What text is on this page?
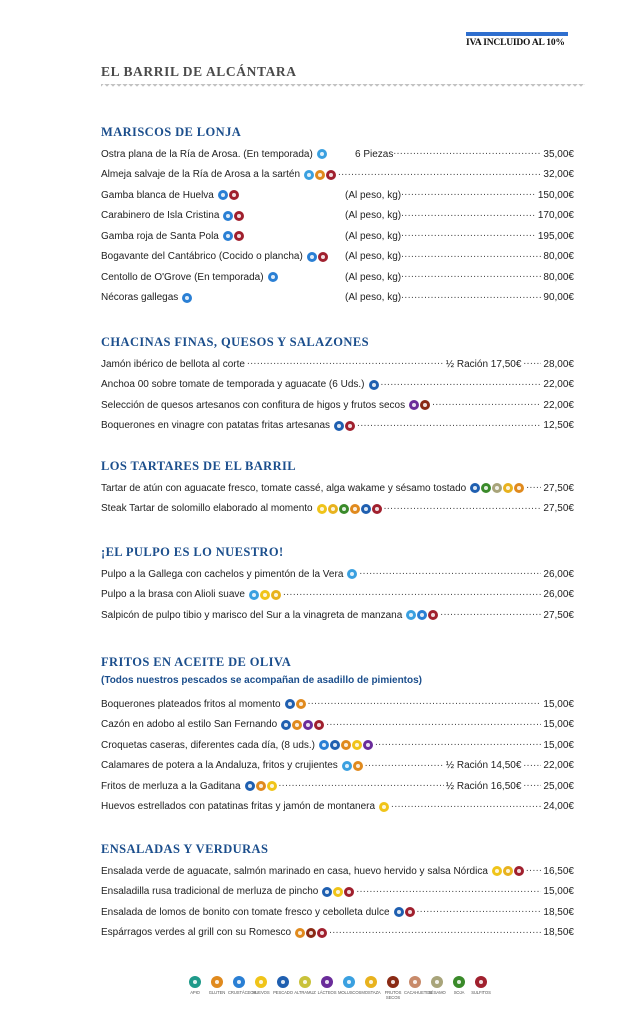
IVA INCLUIDO AL 10%
EL BARRIL DE ALCÁNTARA
MARISCOS DE LONJA
Ostra plana de la Ría de Arosa. (En temporada)	6 Piezas .....	35,00€
Almeja salvaje de la Ría de Arosa a la sartén .....	32,00€
Gamba blanca de Huelva	(Al peso, kg) .....	150,00€
Carabinero de Isla Cristina	(Al peso, kg) .....	170,00€
Gamba roja de Santa Pola	(Al peso, kg) .....	195,00€
Bogavante del Cantábrico (Cocido o plancha)	(Al peso, kg) .....	80,00€
Centollo de O'Grove (En temporada)	(Al peso, kg) .....	80,00€
Nécoras gallegas	(Al peso, kg) .....	90,00€
CHACINAS FINAS, QUESOS Y SALAZONES
Jamón ibérico de bellota al corte .....	½ Ración 17,50€ ..... 28,00€
Anchoa 00 sobre tomate de temporada y aguacate (6 Uds.) .....	22,00€
Selección de quesos artesanos con confitura de higos y frutos secos .....	22,00€
Boquerones en vinagre con patatas fritas artesanas .....	12,50€
LOS TARTARES DE EL BARRIL
Tartar de atún con aguacate fresco, tomate cassé, alga wakame y sésamo tostado .....	27,50€
Steak Tartar de solomillo elaborado al momento .....	27,50€
¡EL PULPO ES LO NUESTRO!
Pulpo a la Gallega con cachelos y pimentón de la Vera .....	26,00€
Pulpo a la brasa con Alioli suave .....	26,00€
Salpicón de pulpo tibio y marisco del Sur a la vinagreta de manzana .....	27,50€
FRITOS EN ACEITE DE OLIVA
(Todos nuestros pescados se acompañan de asadillo de pimientos)
Boquerones plateados fritos al momento .....	15,00€
Cazón en adobo al estilo San Fernando .....	15,00€
Croquetas caseras, diferentes cada día, (8 uds.) .....	15,00€
Calamares de potera a la Andaluza, fritos y crujientes .....	½ Ración 14,50€ ..... 22,00€
Fritos de merluza a la Gaditana .....	½ Ración 16,50€ ..... 25,00€
Huevos estrellados con patatinas fritas y jamón de montanera .....	24,00€
ENSALADAS Y VERDURAS
Ensalada verde de aguacate, salmón marinado en casa, huevo hervido y salsa Nórdica .....	16,50€
Ensaladilla rusa tradicional de merluza de pincho .....	15,00€
Ensalada de lomos de bonito con tomate fresco y cebolleta dulce .....	18,50€
Espárragos verdes al grill con su Romesco .....	18,50€
APIO	GLUTEN CRUSTÁCEOS
HUEVOS PESCADO ALTRAMUZ LÁCTEOS MOLUSCOS MOSTAZA FRUTOS SECOS
CACAHUETES
SÉSAMO	SOJA	SULFITOS
